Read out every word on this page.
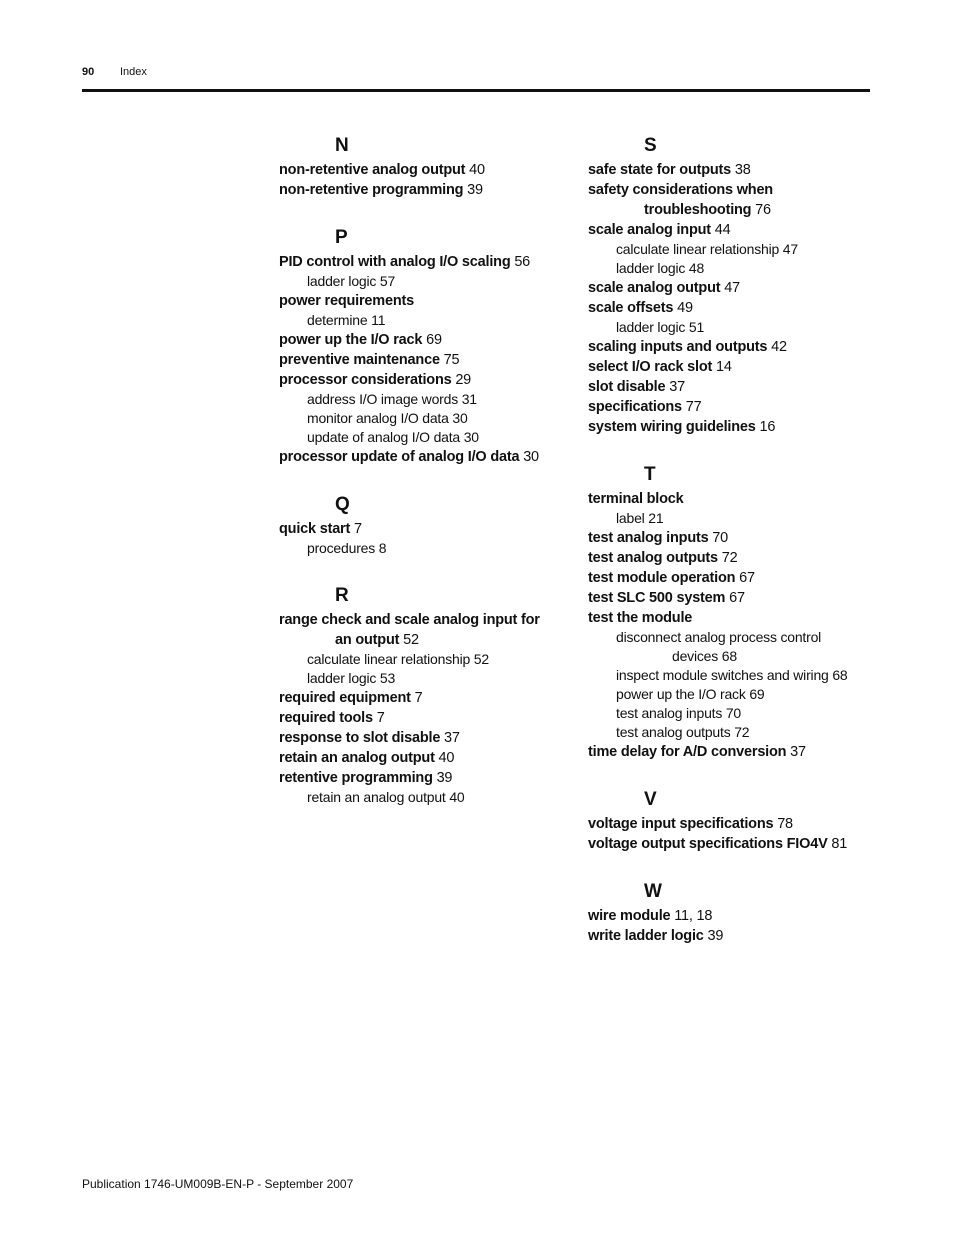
90 Index
N
non-retentive analog output 40
non-retentive programming 39
P
PID control with analog I/O scaling 56
ladder logic 57
power requirements
determine 11
power up the I/O rack 69
preventive maintenance 75
processor considerations 29
address I/O image words 31
monitor analog I/O data 30
update of analog I/O data 30
processor update of analog I/O data 30
Q
quick start 7
procedures 8
R
range check and scale analog input for
an output 52
calculate linear relationship 52
ladder logic 53
required equipment 7
required tools 7
response to slot disable 37
retain an analog output 40
retentive programming 39
retain an analog output 40
S
safe state for outputs 38
safety considerations when
troubleshooting 76
scale analog input 44
calculate linear relationship 47
ladder logic 48
scale analog output 47
scale offsets 49
ladder logic 51
scaling inputs and outputs 42
select I/O rack slot 14
slot disable 37
specifications 77
system wiring guidelines 16
T
terminal block
label 21
test analog inputs 70
test analog outputs 72
test module operation 67
test SLC 500 system 67
test the module
disconnect analog process control
devices 68
inspect module switches and wiring 68
power up the I/O rack 69
test analog inputs 70
test analog outputs 72
time delay for A/D conversion 37
V
voltage input specifications 78
voltage output specifications FIO4V 81
W
wire module 11, 18
write ladder logic 39
Publication 1746-UM009B-EN-P - September 2007
